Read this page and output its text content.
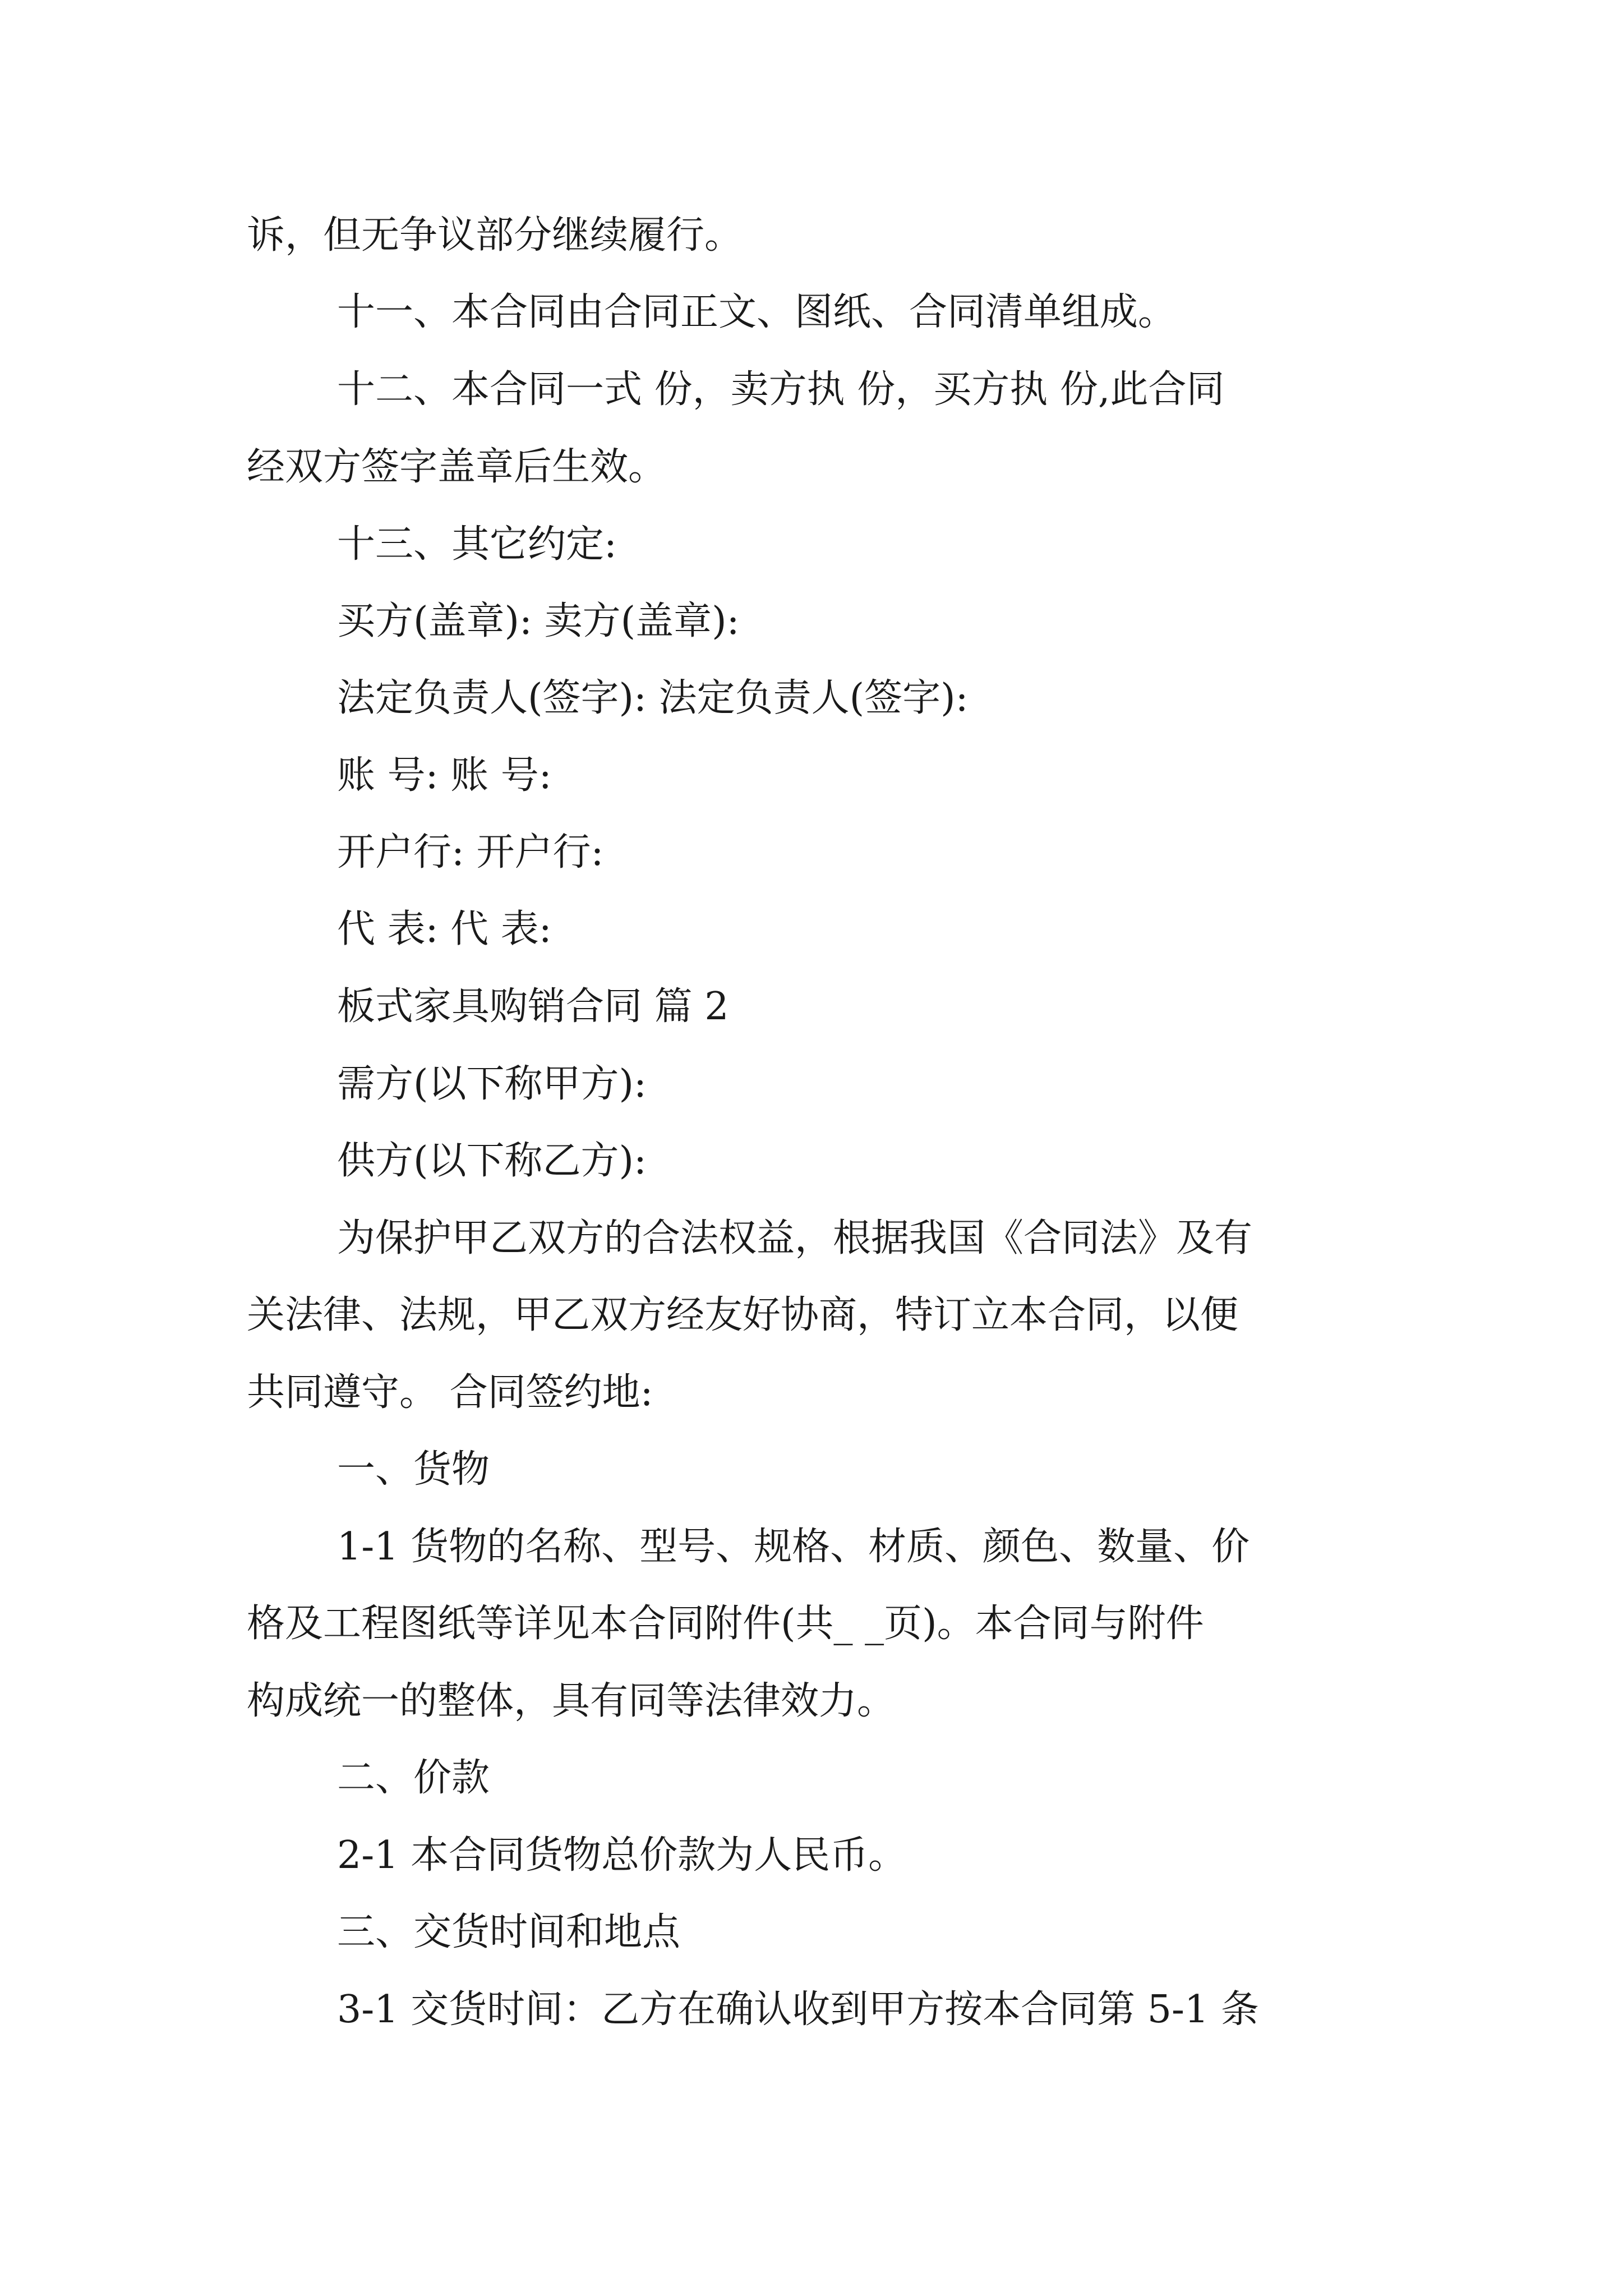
诉，但无争议部分继续履行。

十一、本合同由合同正文、图纸、合同清单组成。

十二、本合同一式 份，卖方执 份，买方执 份,此合同

经双方签字盖章后生效。

十三、其它约定:

买方(盖章): 卖方(盖章):

法定负责人(签字): 法定负责人(签字):

账 号: 账 号:

开户行: 开户行:

代 表: 代 表:

板式家具购销合同 篇 2

需方(以下称甲方):

供方(以下称乙方):

为保护甲乙双方的合法权益，根据我国《合同法》及有

关法律、法规，甲乙双方经友好协商，特订立本合同，以便

共同遵守。 合同签约地:

一、货物

1-1 货物的名称、型号、规格、材质、颜色、数量、价

格及工程图纸等详见本合同附件(共_ _页)。本合同与附件

构成统一的整体，具有同等法律效力。

二、价款

2-1 本合同货物总价款为人民币。

三、交货时间和地点

3-1 交货时间：乙方在确认收到甲方按本合同第 5-1 条
